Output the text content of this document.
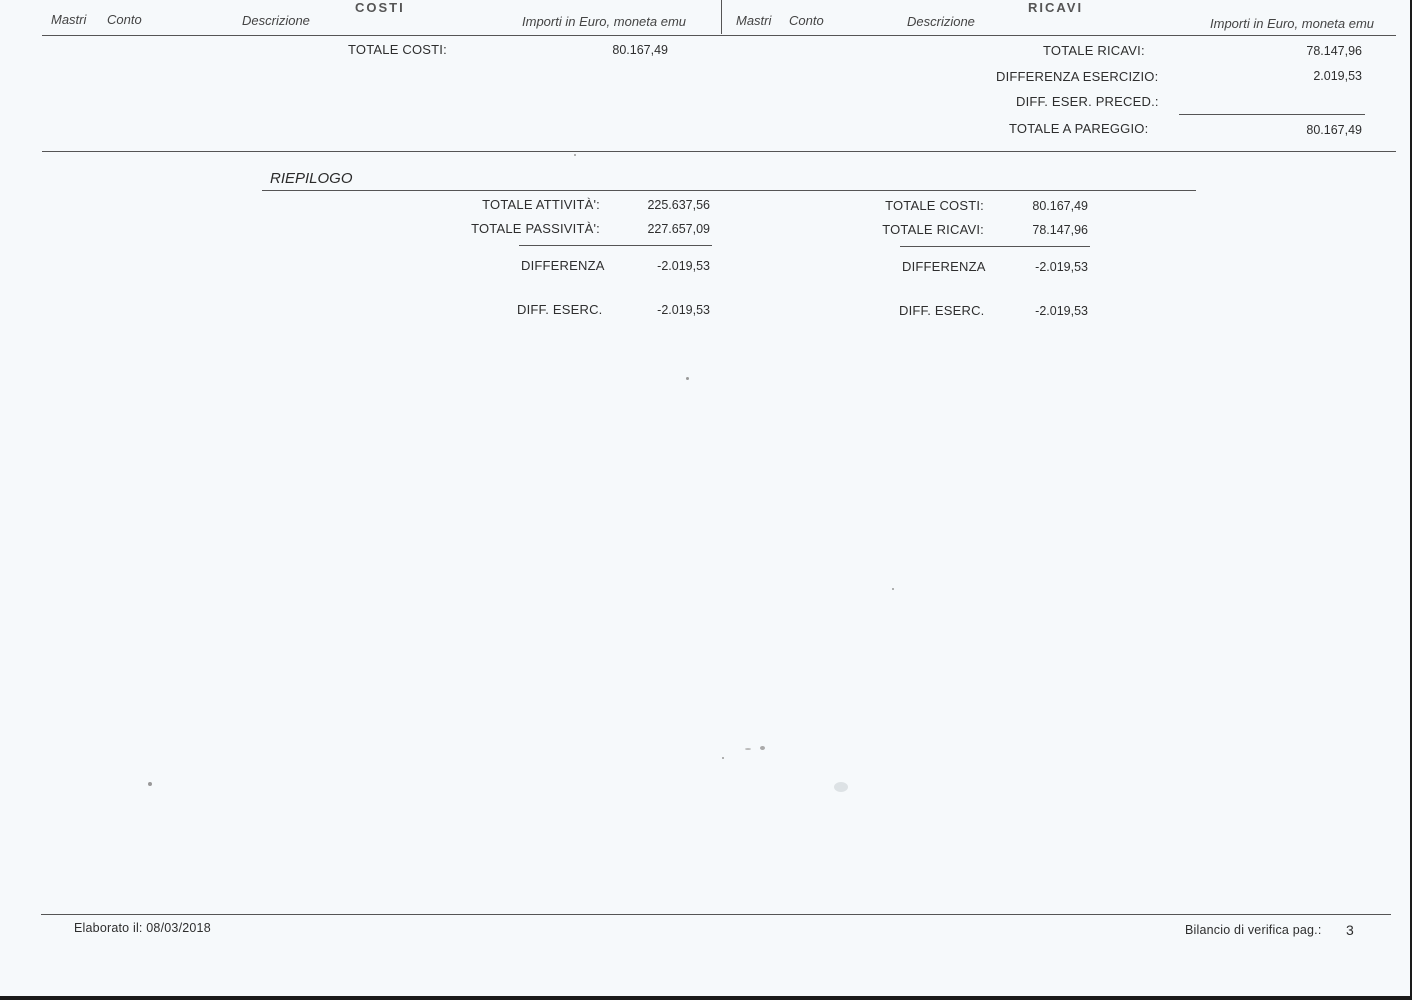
COSTI	RICAVI
Mastri Conto	Descrizione	Importi in Euro, moneta emu	Mastri Conto	Descrizione	Importi in Euro, moneta emu
TOTALE COSTI:	80.167,49	TOTALE RICAVI:	78.147,96
DIFFERENZA ESERCIZIO:	2.019,53
DIFF. ESER. PRECED.:
TOTALE A PAREGGIO:	80.167,49
RIEPILOGO
TOTALE ATTIVITÀ':	225.637,56
TOTALE PASSIVITÀ':	227.657,09
DIFFERENZA	-2.019,53
DIFF. ESERC.	-2.019,53
TOTALE COSTI:	80.167,49
TOTALE RICAVI:	78.147,96
DIFFERENZA	-2.019,53
DIFF. ESERC.	-2.019,53
Elaborato il: 08/03/2018	Bilancio di verifica pag.: 3
